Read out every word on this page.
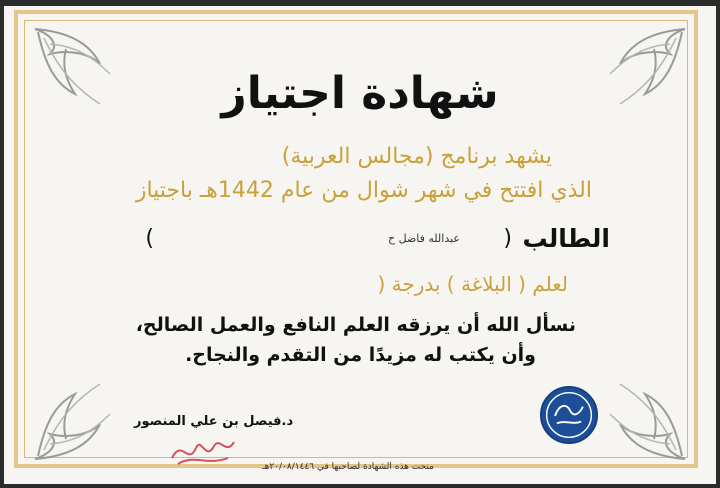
شهادة اجتياز
يشهد برنامج (مجالس العربية)
الذي افتتح في شهر شوال من عام 1442هـ باجتياز
الطالب
(
عبدالله فاضل ح
)
لعلم ( البلاغة ) بدرجة (
نسأل الله أن يرزقه العلم النافع والعمل الصالح،
وأن يكتب له مزيدًا من التقدم والنجاح.
د.فيصل بن علي المنصور
منحت هذه الشهادة لصاحبها في ٢٠/٠٨/١٤٤٦هـ
